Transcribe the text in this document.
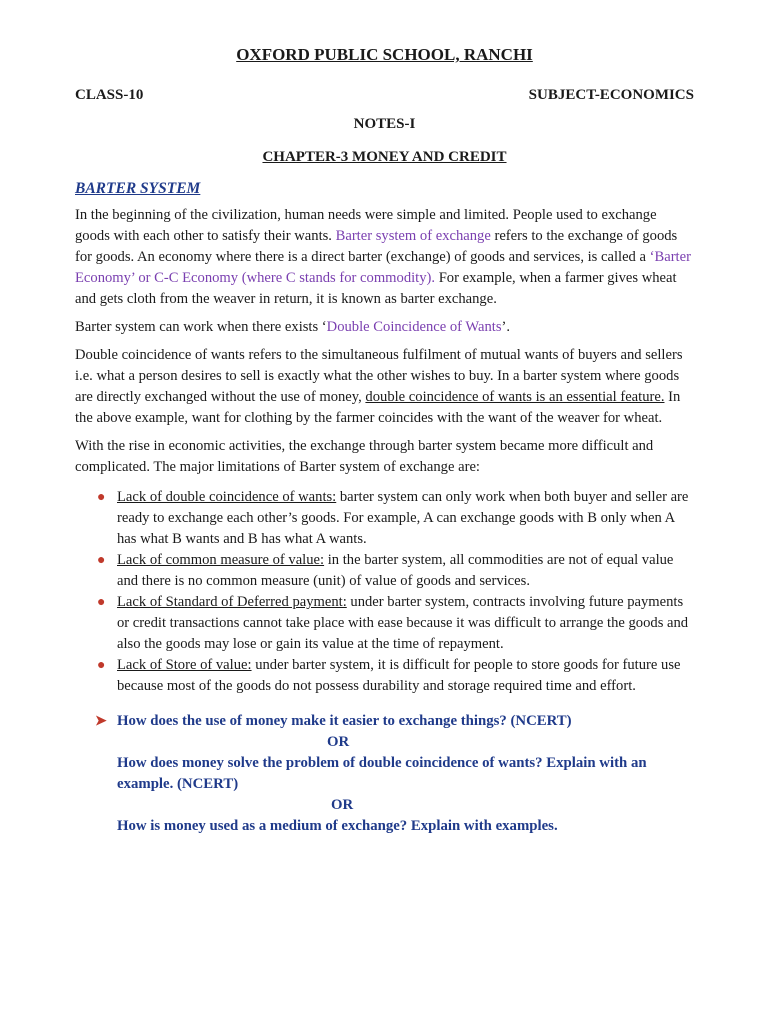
OXFORD PUBLIC SCHOOL, RANCHI
CLASS-10	SUBJECT-ECONOMICS
NOTES-I
CHAPTER-3 MONEY AND CREDIT
BARTER SYSTEM

In the beginning of the civilization, human needs were simple and limited. People used to exchange goods with each other to satisfy their wants. Barter system of exchange refers to the exchange of goods for goods. An economy where there is a direct barter (exchange) of goods and services, is called a ‘Barter Economy’ or C-C Economy (where C stands for commodity). For example, when a farmer gives wheat and gets cloth from the weaver in return, it is known as barter exchange.

Barter system can work when there exists ‘Double Coincidence of Wants’.

Double coincidence of wants refers to the simultaneous fulfilment of mutual wants of buyers and sellers i.e. what a person desires to sell is exactly what the other wishes to buy. In a barter system where goods are directly exchanged without the use of money, double coincidence of wants is an essential feature. In the above example, want for clothing by the farmer coincides with the want of the weaver for wheat.

With the rise in economic activities, the exchange through barter system became more difficult and complicated. The major limitations of Barter system of exchange are:

● Lack of double coincidence of wants: barter system can only work when both buyer and seller are ready to exchange each other’s goods. For example, A can exchange goods with B only when A has what B wants and B has what A wants.
● Lack of common measure of value: in the barter system, all commodities are not of equal value and there is no common measure (unit) of value of goods and services.
● Lack of Standard of Deferred payment: under barter system, contracts involving future payments or credit transactions cannot take place with ease because it was difficult to arrange the goods and also the goods may lose or gain its value at the time of repayment.
● Lack of Store of value: under barter system, it is difficult for people to store goods for future use because most of the goods do not possess durability and storage required time and effort.
➤ How does the use of money make it easier to exchange things? (NCERT)
OR
How does money solve the problem of double coincidence of wants? Explain with an example. (NCERT)
OR
How is money used as a medium of exchange? Explain with examples.
